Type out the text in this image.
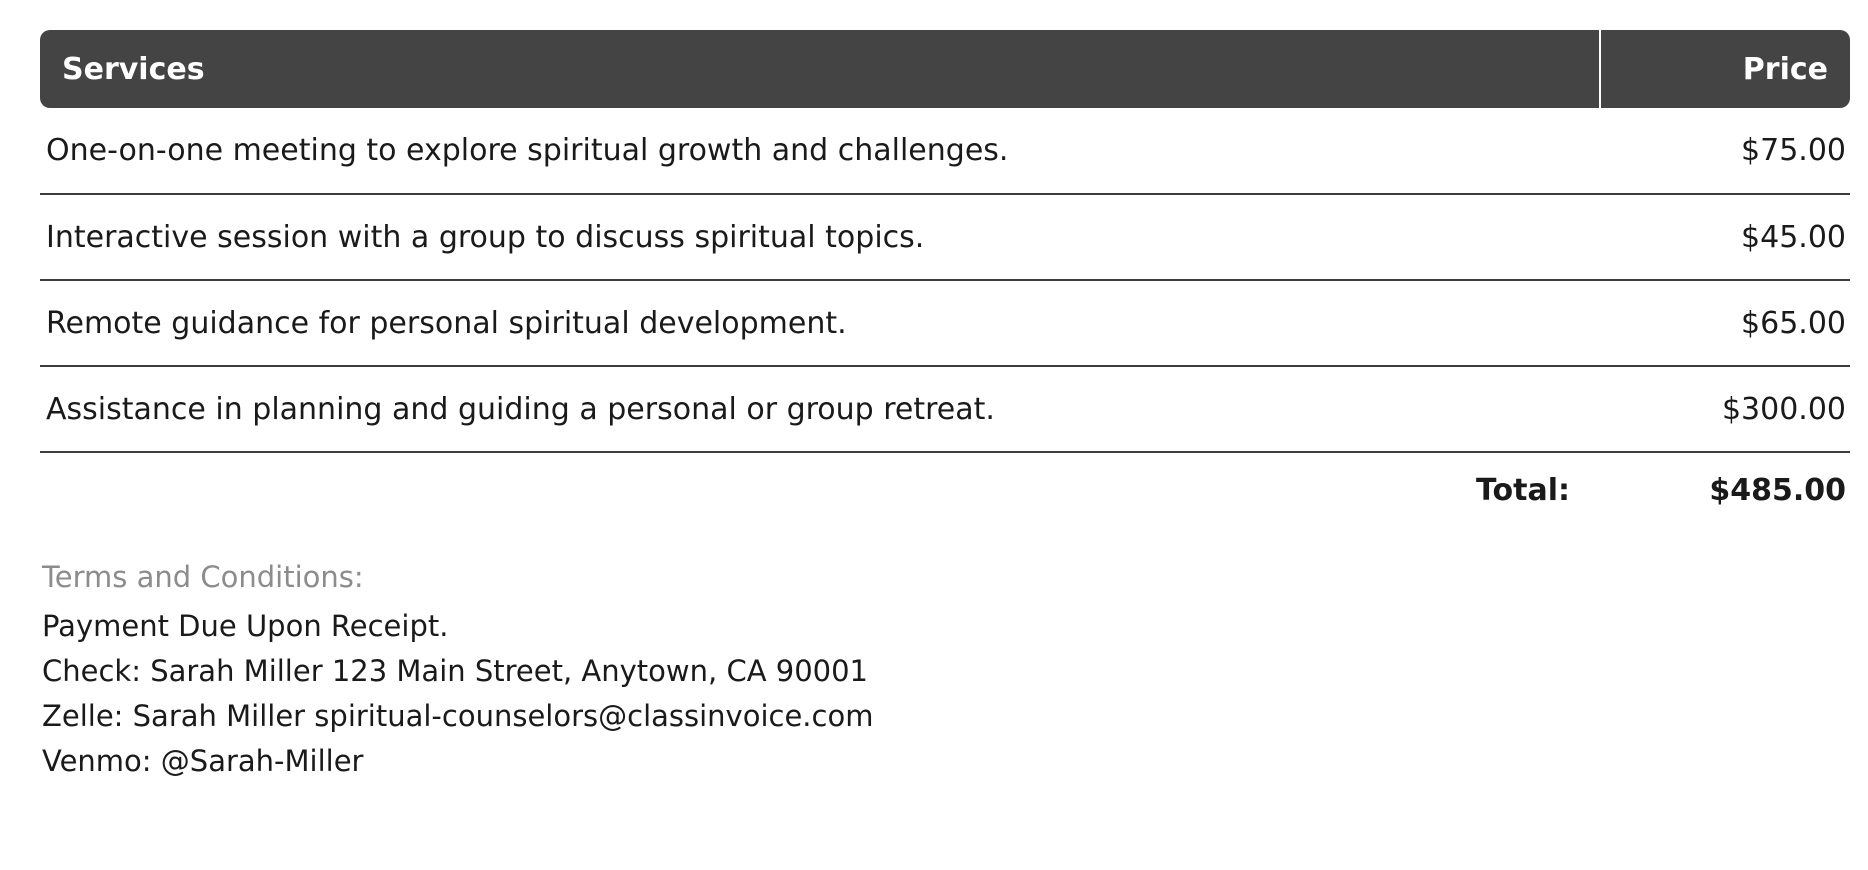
Services	Price
One-on-one meeting to explore spiritual growth and challenges.	$75.00
Interactive session with a group to discuss spiritual topics.	$45.00
Remote guidance for personal spiritual development.	$65.00
Assistance in planning and guiding a personal or group retreat.	$300.00
Total:	$485.00
Terms and Conditions:
Payment Due Upon Receipt.
Check: Sarah Miller 123 Main Street, Anytown, CA 90001
Zelle: Sarah Miller spiritual-counselors@classinvoice.com
Venmo: @Sarah-Miller
